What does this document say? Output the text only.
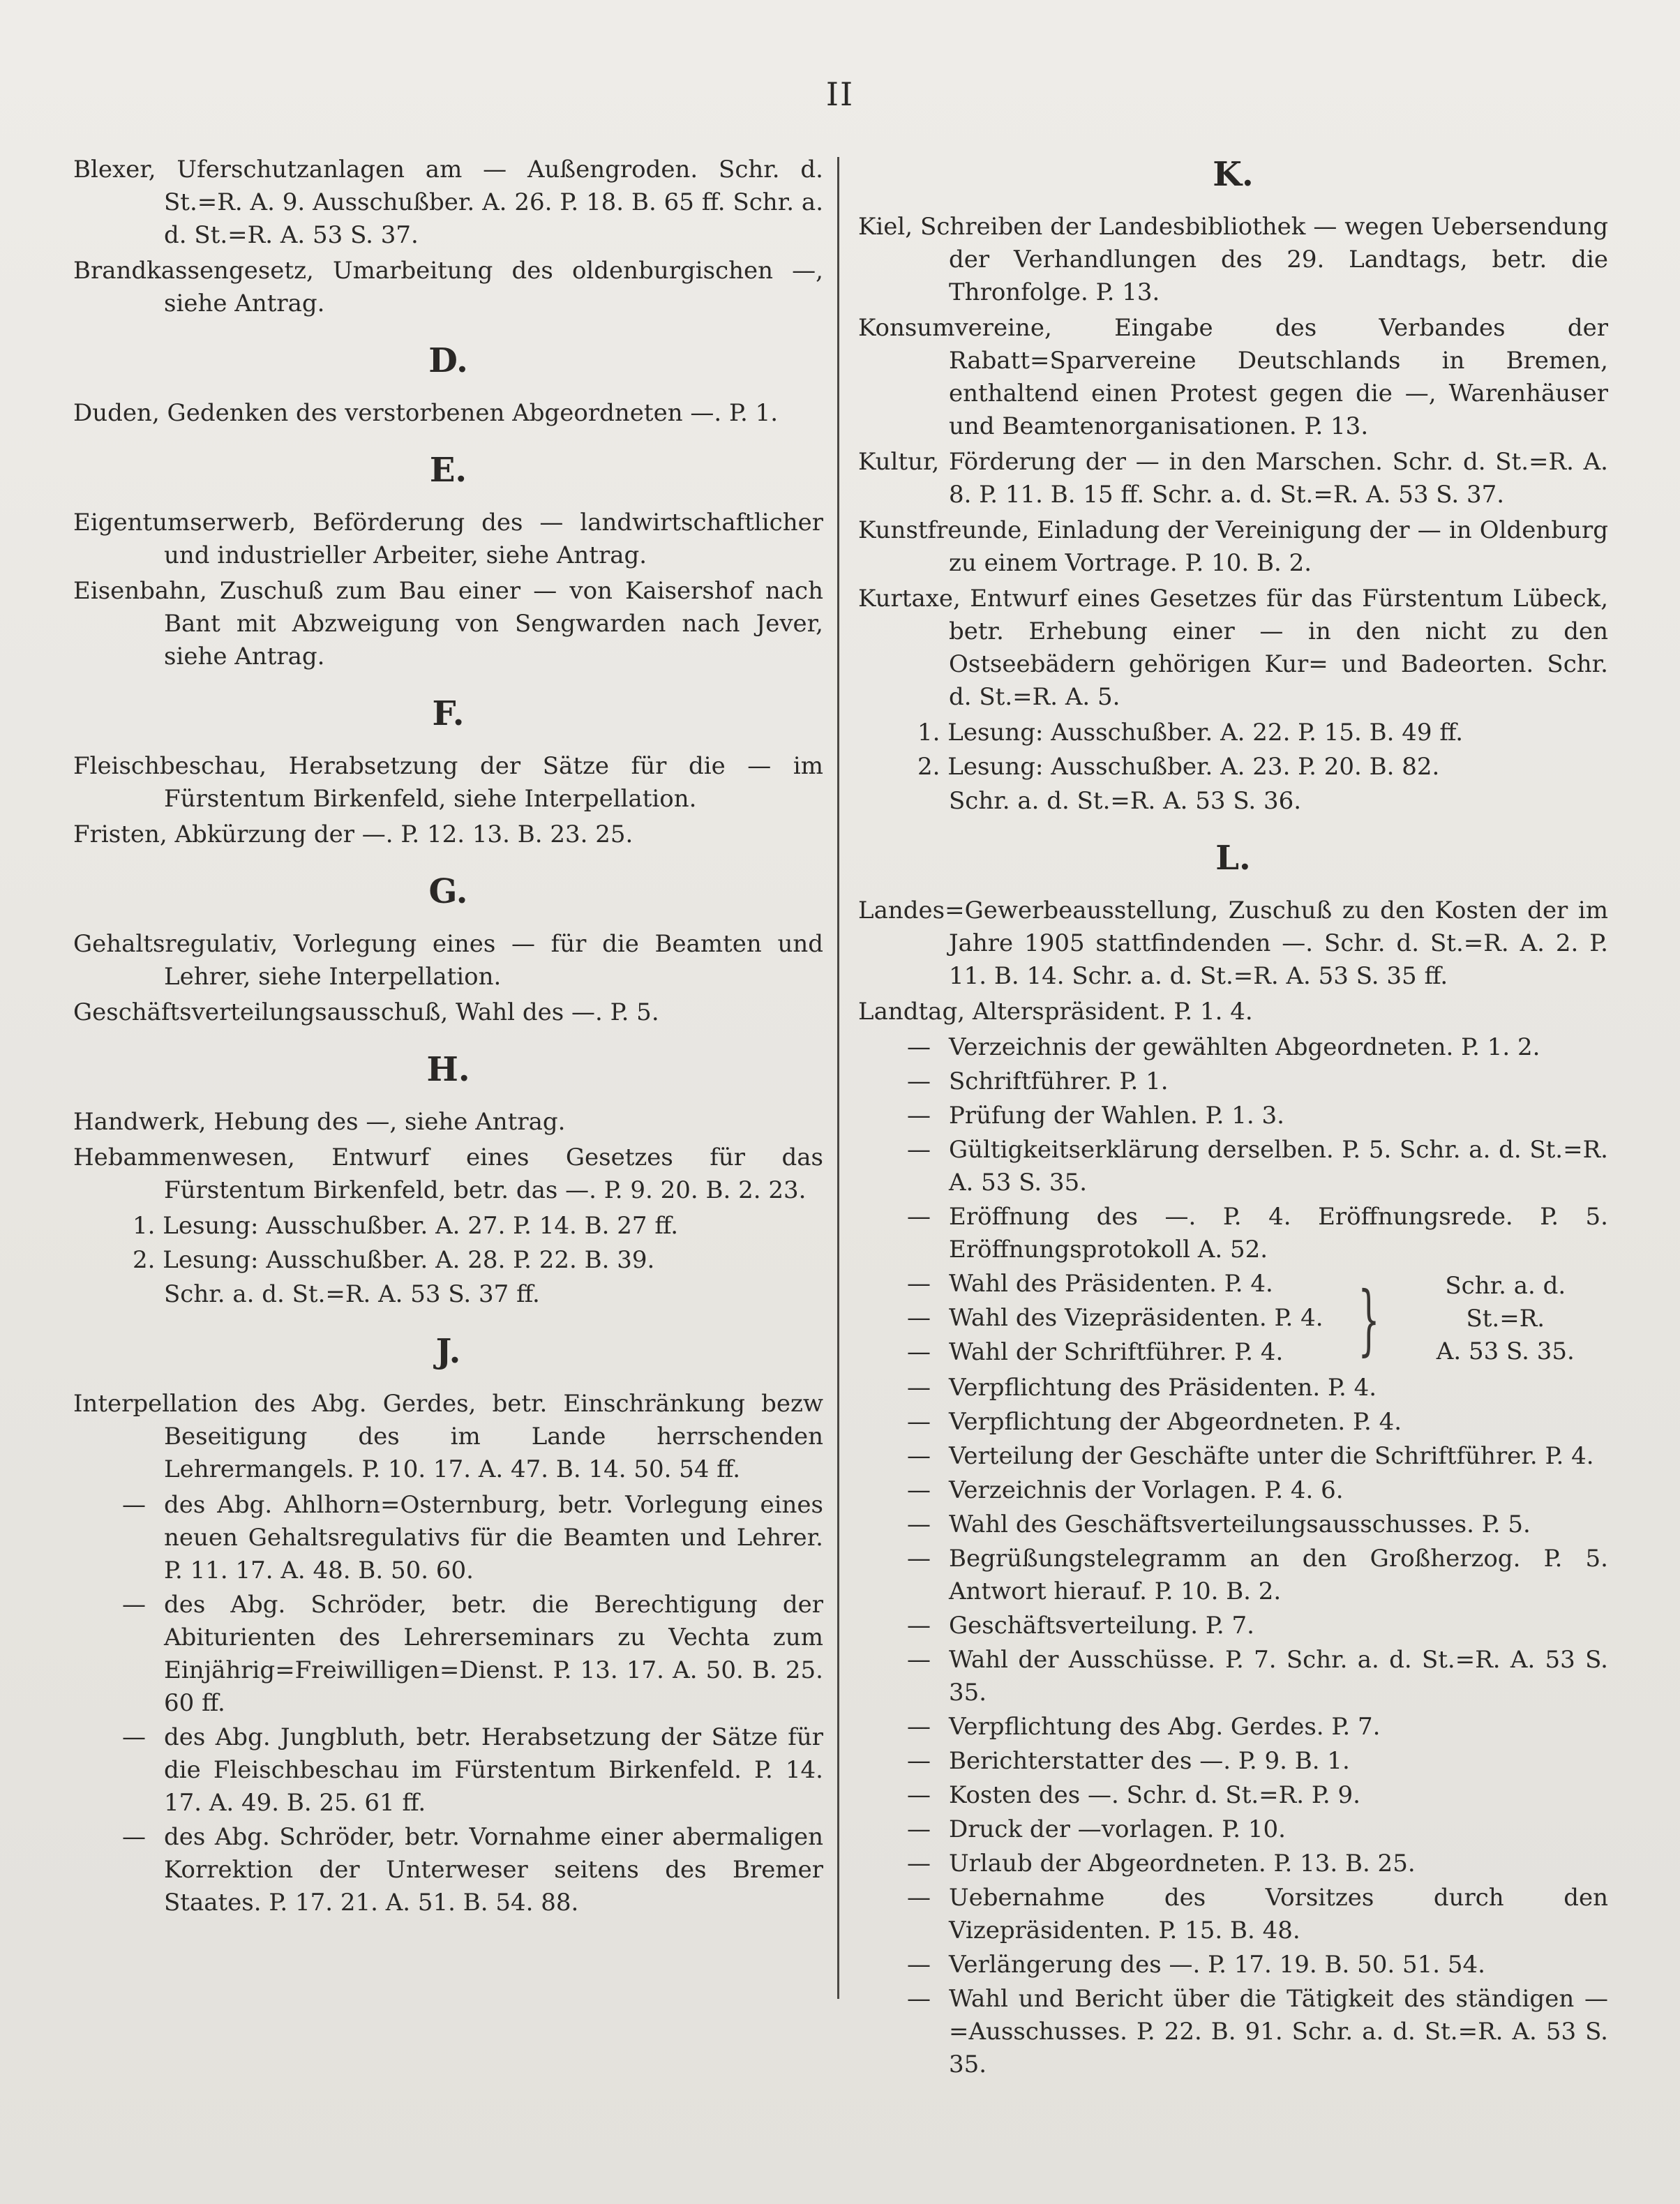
II

Blexer, Uferschutzanlagen am — Außengroden. Schr. d. St.=R. A. 9. Ausschußber. A. 26. P. 18. B. 65 ff. Schr. a. d. St.=R. A. 53 S. 37.

Brandkassengesetz, Umarbeitung des oldenburgischen —, siehe Antrag.

D.

Duden, Gedenken des verstorbenen Abgeordneten —. P. 1.

E.

Eigentumserwerb, Beförderung des — landwirtschaftlicher und industrieller Arbeiter, siehe Antrag.

Eisenbahn, Zuschuß zum Bau einer — von Kaisershof nach Bant mit Abzweigung von Sengwarden nach Jever, siehe Antrag.

F.

Fleischbeschau, Herabsetzung der Sätze für die — im Fürstentum Birkenfeld, siehe Interpellation.

Fristen, Abkürzung der —. P. 12. 13. B. 23. 25.

G.

Gehaltsregulativ, Vorlegung eines — für die Beamten und Lehrer, siehe Interpellation.

Geschäftsverteilungsausschuß, Wahl des —. P. 5.

H.

Handwerk, Hebung des —, siehe Antrag.

Hebammenwesen, Entwurf eines Gesetzes für das Fürstentum Birkenfeld, betr. das —. P. 9. 20. B. 2. 23.

1. Lesung: Ausschußber. A. 27. P. 14. B. 27 ff.

2. Lesung: Ausschußber. A. 28. P. 22. B. 39.

Schr. a. d. St.=R. A. 53 S. 37 ff.

J.

Interpellation des Abg. Gerdes, betr. Einschränkung bezw Beseitigung des im Lande herrschenden Lehrermangels. P. 10. 17. A. 47. B. 14. 50. 54 ff.

— des Abg. Ahlhorn=Osternburg, betr. Vorlegung eines neuen Gehaltsregulativs für die Beamten und Lehrer. P. 11. 17. A. 48. B. 50. 60.

— des Abg. Schröder, betr. die Berechtigung der Abiturienten des Lehrerseminars zu Vechta zum Einjährig=Freiwilligen=Dienst. P. 13. 17. A. 50. B. 25. 60 ff.

— des Abg. Jungbluth, betr. Herabsetzung der Sätze für die Fleischbeschau im Fürstentum Birkenfeld. P. 14. 17. A. 49. B. 25. 61 ff.

— des Abg. Schröder, betr. Vornahme einer abermaligen Korrektion der Unterweser seitens des Bremer Staates. P. 17. 21. A. 51. B. 54. 88.

K.

Kiel, Schreiben der Landesbibliothek — wegen Uebersendung der Verhandlungen des 29. Landtags, betr. die Thronfolge. P. 13.

Konsumvereine, Eingabe des Verbandes der Rabatt=Sparvereine Deutschlands in Bremen, enthaltend einen Protest gegen die —, Warenhäuser und Beamtenorganisationen. P. 13.

Kultur, Förderung der — in den Marschen. Schr. d. St.=R. A. 8. P. 11. B. 15 ff. Schr. a. d. St.=R. A. 53 S. 37.

Kunstfreunde, Einladung der Vereinigung der — in Oldenburg zu einem Vortrage. P. 10. B. 2.

Kurtaxe, Entwurf eines Gesetzes für das Fürstentum Lübeck, betr. Erhebung einer — in den nicht zu den Ostseebädern gehörigen Kur= und Badeorten. Schr. d. St.=R. A. 5.

1. Lesung: Ausschußber. A. 22. P. 15. B. 49 ff.

2. Lesung: Ausschußber. A. 23. P. 20. B. 82.

Schr. a. d. St.=R. A. 53 S. 36.

L.

Landes=Gewerbeausstellung, Zuschuß zu den Kosten der im Jahre 1905 stattfindenden —. Schr. d. St.=R. A. 2. P. 11. B. 14. Schr. a. d. St.=R. A. 53 S. 35 ff.

Landtag, Alterspräsident. P. 1. 4.

— Verzeichnis der gewählten Abgeordneten. P. 1. 2.

— Schriftführer. P. 1.

— Prüfung der Wahlen. P. 1. 3.

— Gültigkeitserklärung derselben. P. 5. Schr. a. d. St.=R. A. 53 S. 35.

— Eröffnung des —. P. 4. Eröffnungsrede. P. 5. Eröffnungsprotokoll A. 52.

— Wahl des Präsidenten. P. 4.

— Wahl des Vizepräsidenten. P. 4.

— Wahl der Schriftführer. P. 4. }	Schr. a. d. St.=R.
A. 53 S. 35.

— Verpflichtung des Präsidenten. P. 4.

— Verpflichtung der Abgeordneten. P. 4.

— Verteilung der Geschäfte unter die Schriftführer. P. 4.

— Verzeichnis der Vorlagen. P. 4. 6.

— Wahl des Geschäftsverteilungsausschusses. P. 5.

— Begrüßungstelegramm an den Großherzog. P. 5. Antwort hierauf. P. 10. B. 2.

— Geschäftsverteilung. P. 7.

— Wahl der Ausschüsse. P. 7. Schr. a. d. St.=R. A. 53 S. 35.

— Verpflichtung des Abg. Gerdes. P. 7.

— Berichterstatter des —. P. 9. B. 1.

— Kosten des —. Schr. d. St.=R. P. 9.

— Druck der —vorlagen. P. 10.

— Urlaub der Abgeordneten. P. 13. B. 25.

— Uebernahme des Vorsitzes durch den Vizepräsidenten. P. 15. B. 48.

— Verlängerung des —. P. 17. 19. B. 50. 51. 54.

— Wahl und Bericht über die Tätigkeit des ständigen —=Ausschusses. P. 22. B. 91. Schr. a. d. St.=R. A. 53 S. 35.
